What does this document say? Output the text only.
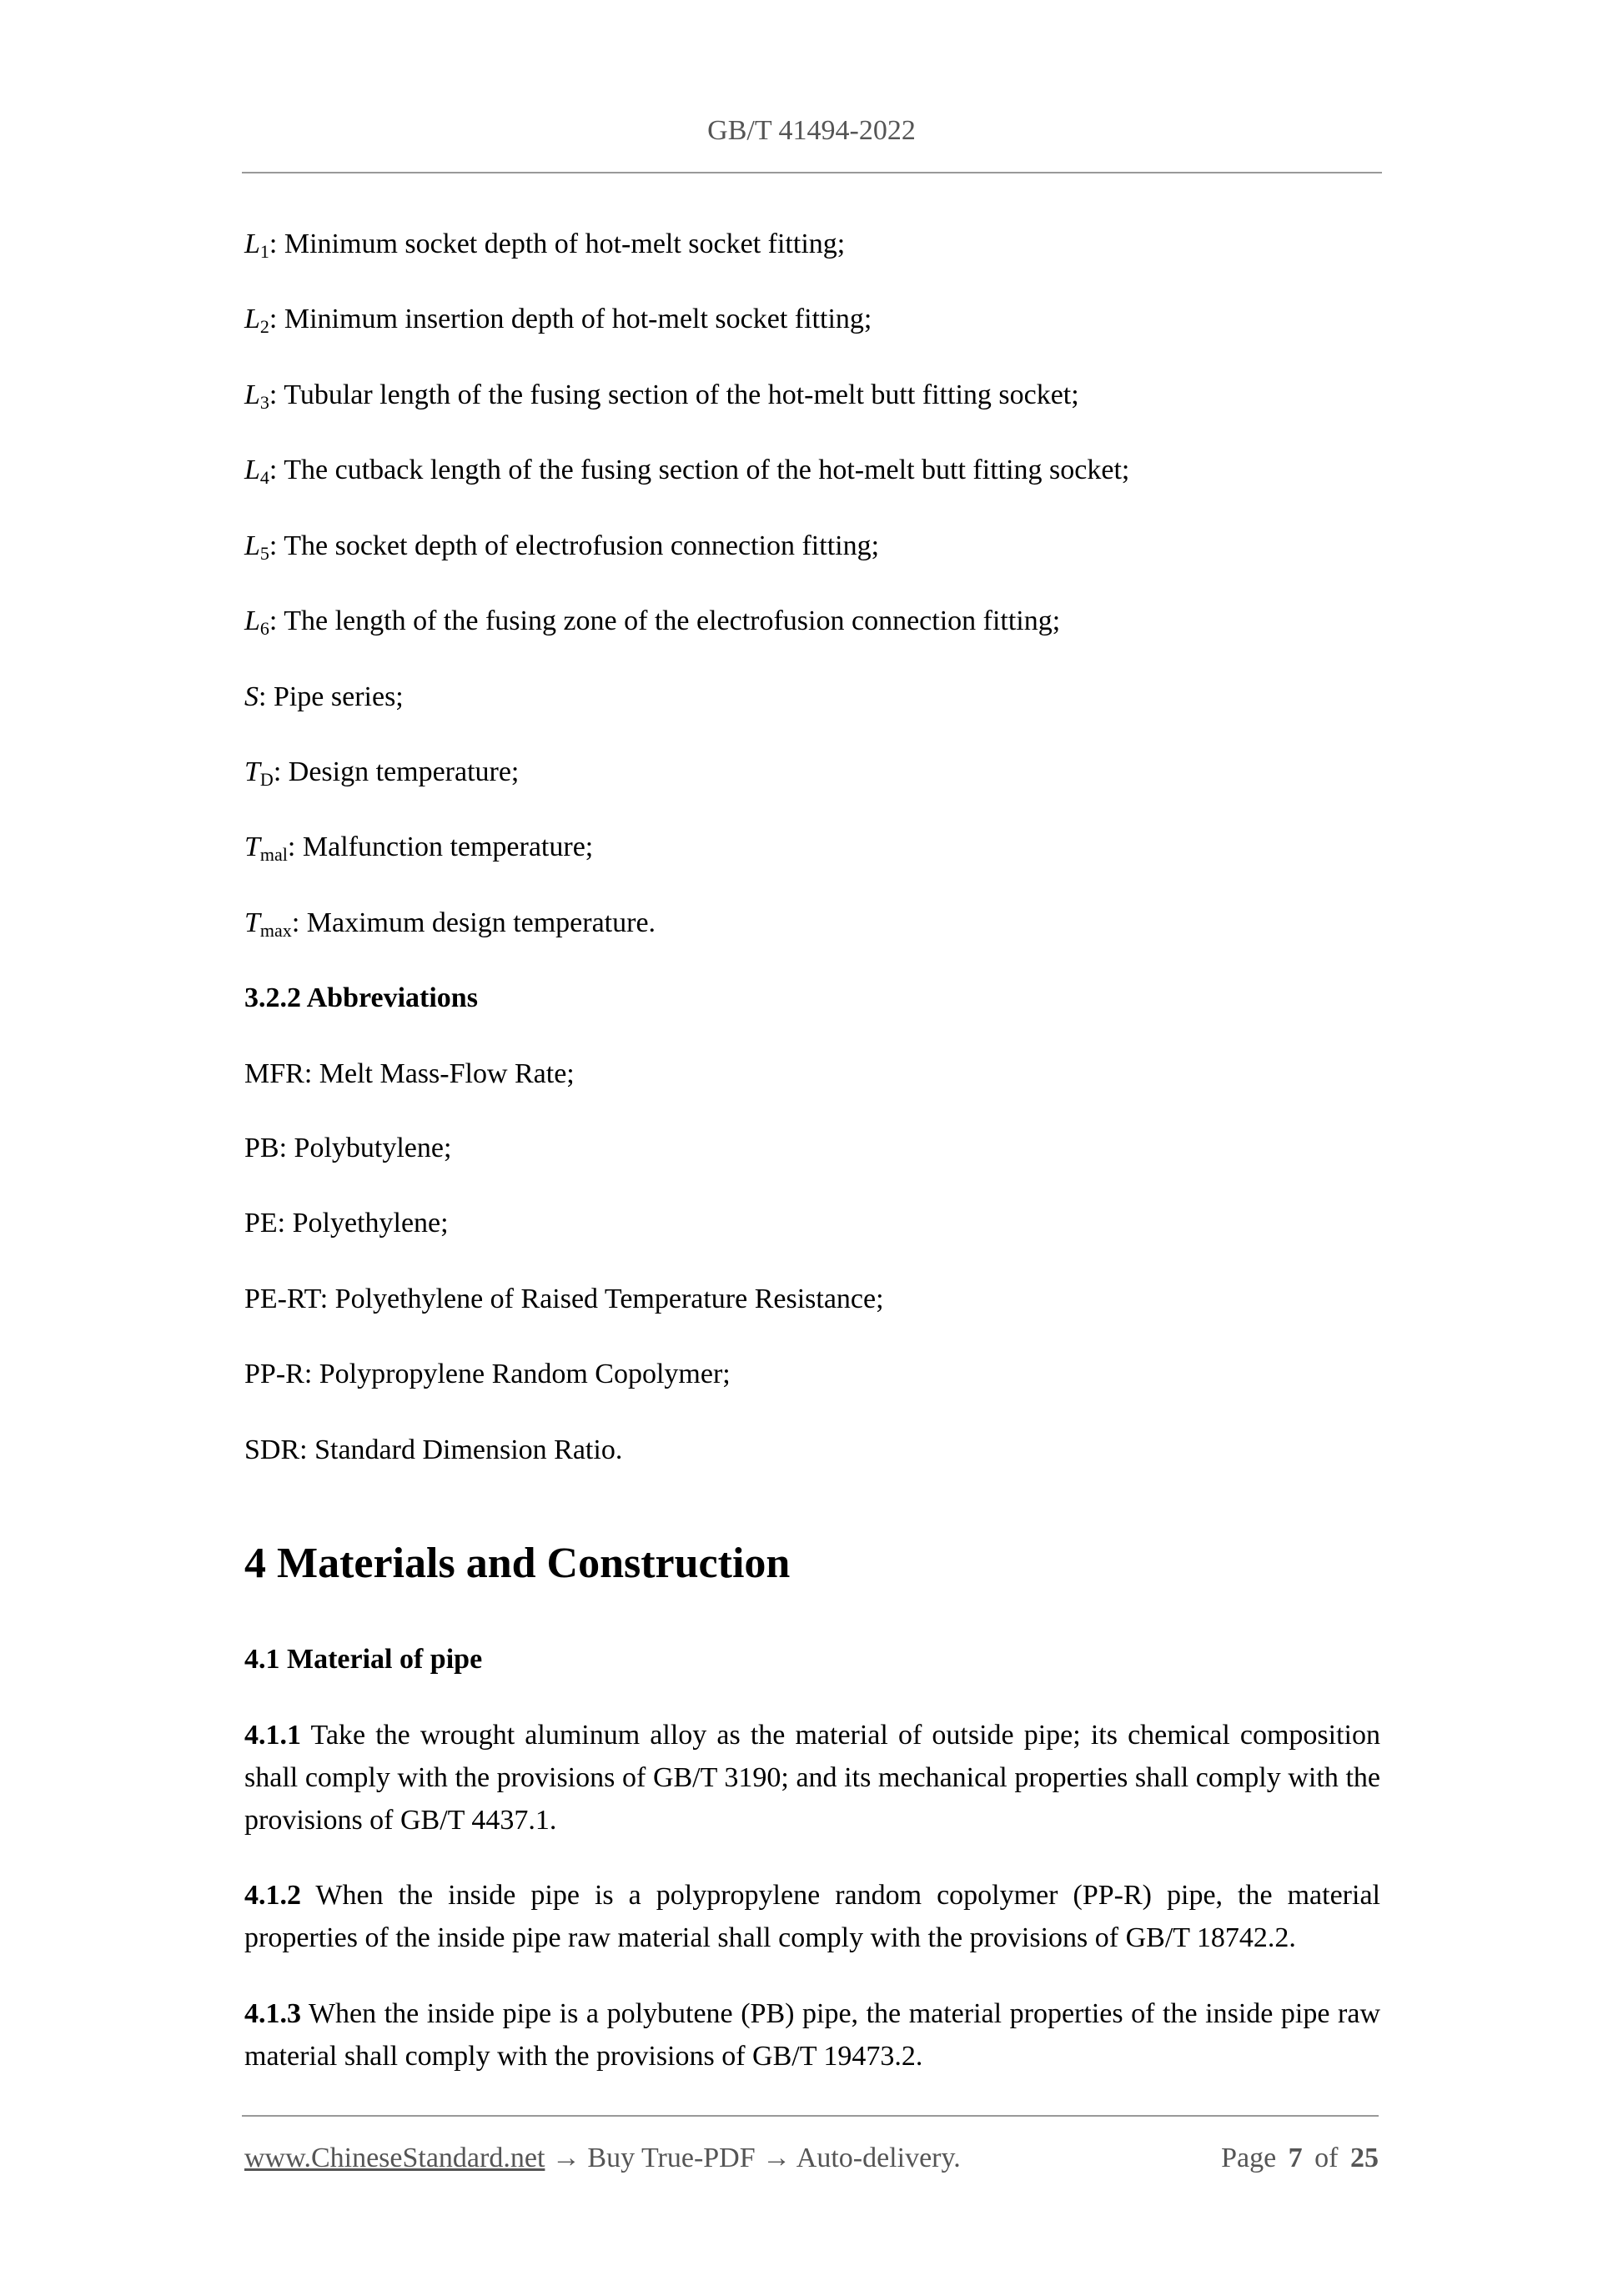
GB/T 41494-2022
$L_1$: Minimum socket depth of hot-melt socket fitting;
$L_2$: Minimum insertion depth of hot-melt socket fitting;
$L_3$: Tubular length of the fusing section of the hot-melt butt fitting socket;
$L_4$: The cutback length of the fusing section of the hot-melt butt fitting socket;
$L_5$: The socket depth of electrofusion connection fitting;
$L_6$: The length of the fusing zone of the electrofusion connection fitting;
S: Pipe series;
$T_D$: Design temperature;
$T_{mal}$: Malfunction temperature;
$T_{max}$: Maximum design temperature.
3.2.2 Abbreviations
MFR: Melt Mass-Flow Rate;
PB: Polybutylene;
PE: Polyethylene;
PE-RT: Polyethylene of Raised Temperature Resistance;
PP-R: Polypropylene Random Copolymer;
SDR: Standard Dimension Ratio.
4 Materials and Construction
4.1 Material of pipe
4.1.1 Take the wrought aluminum alloy as the material of outside pipe; its chemical composition shall comply with the provisions of GB/T 3190; and its mechanical properties shall comply with the provisions of GB/T 4437.1.
4.1.2 When the inside pipe is a polypropylene random copolymer (PP-R) pipe, the material properties of the inside pipe raw material shall comply with the provisions of GB/T 18742.2.
4.1.3 When the inside pipe is a polybutene (PB) pipe, the material properties of the inside pipe raw material shall comply with the provisions of GB/T 19473.2.
www.ChineseStandard.net → Buy True-PDF → Auto-delivery.	Page 7 of 25
